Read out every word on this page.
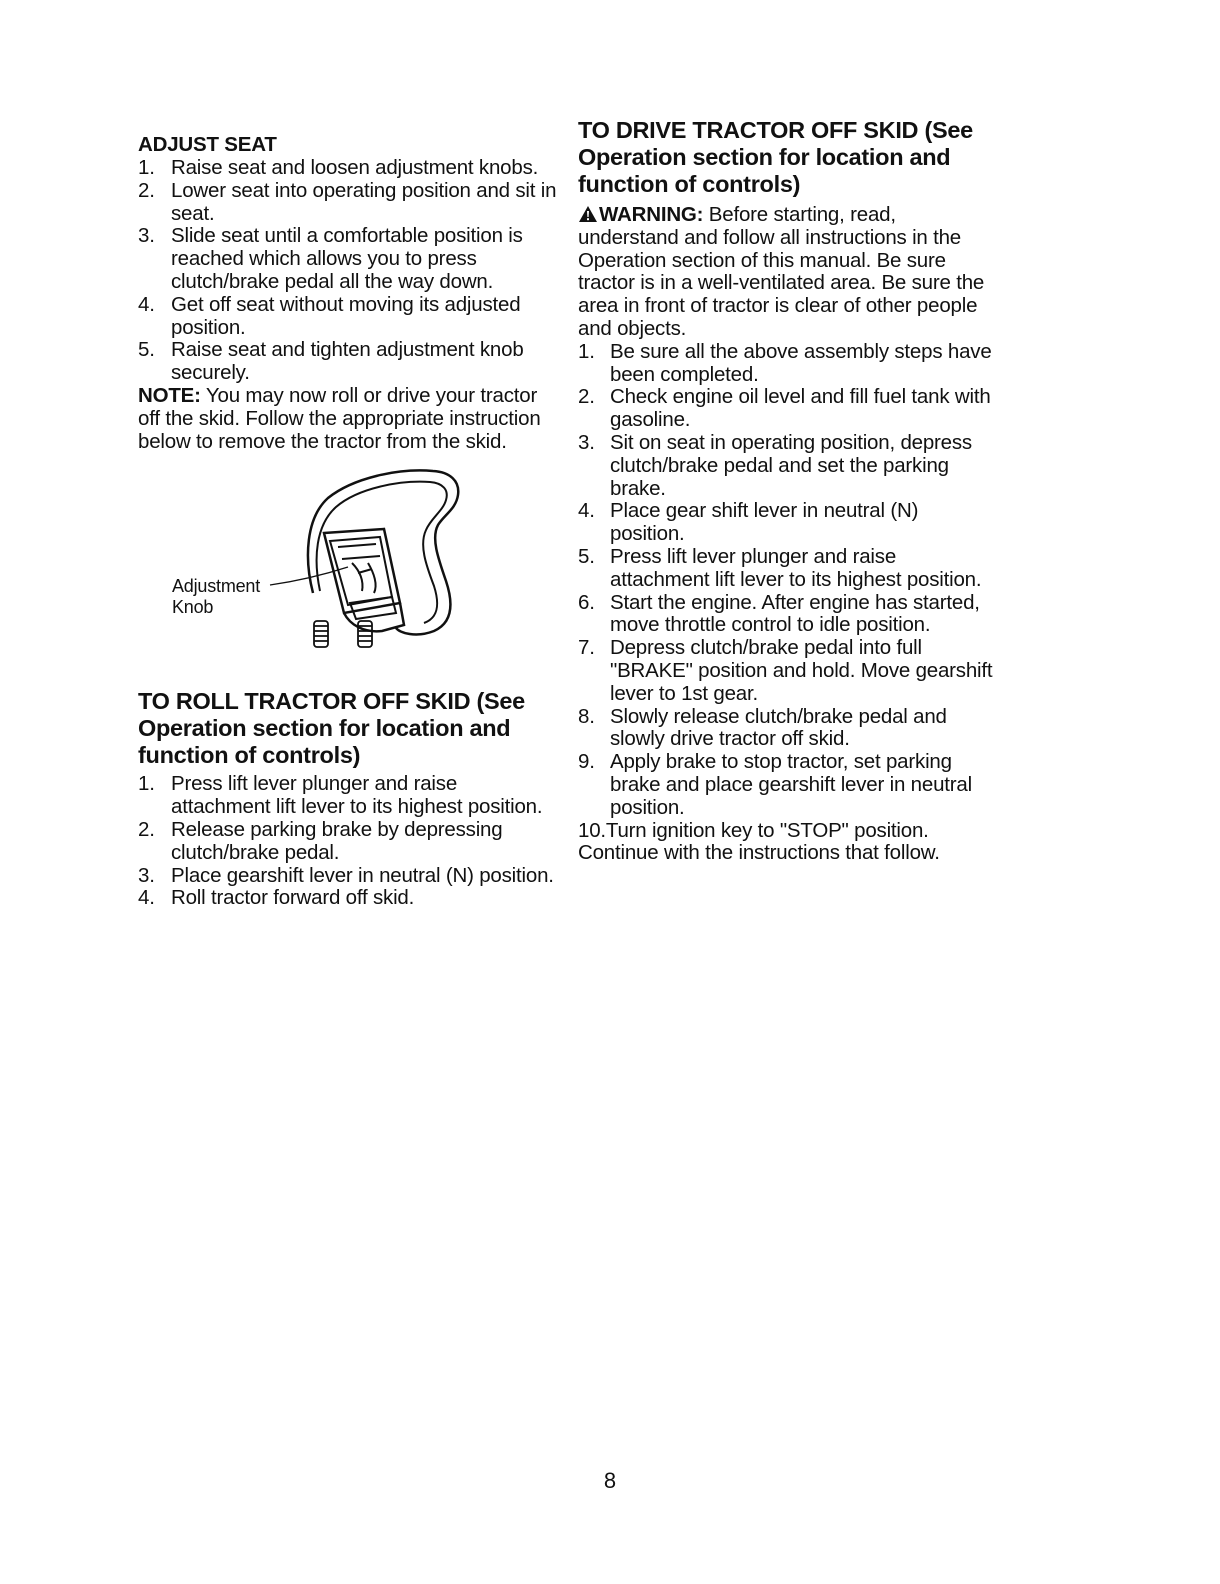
ADJUST SEAT
1. Raise seat and loosen adjustment knobs.
2. Lower seat into operating position and sit in seat.
3. Slide seat until a comfortable position is reached which allows you to press clutch/brake pedal all the way down.
4. Get off seat without moving its adjusted position.
5. Raise seat and tighten adjustment knob securely.

NOTE: You may now roll or drive your tractor off the skid. Follow the appropriate instruction below to remove the tractor from the skid.

Adjustment
Knob
TO ROLL TRACTOR OFF SKID (See Operation section for location and function of controls)
1. Press lift lever plunger and raise attachment lift lever to its highest position.
2. Release parking brake by depressing clutch/brake pedal.
3. Place gearshift lever in neutral (N) position.
4. Roll tractor forward off skid.
TO DRIVE TRACTOR OFF SKID (See Operation section for location and function of controls)

WARNING: Before starting, read, understand and follow all instructions in the Operation section of this manual. Be sure tractor is in a well-ventilated area. Be sure the area in front of tractor is clear of other people and objects.

1. Be sure all the above assembly steps have been completed.
2. Check engine oil level and fill fuel tank with gasoline.
3. Sit on seat in operating position, depress clutch/brake pedal and set the parking brake.
4. Place gear shift lever in neutral (N) position.
5. Press lift lever plunger and raise attachment lift lever to its highest position.
6. Start the engine. After engine has started, move throttle control to idle position.
7. Depress clutch/brake pedal into full "BRAKE" position and hold. Move gearshift lever to 1st gear.
8. Slowly release clutch/brake pedal and slowly drive tractor off skid.
9. Apply brake to stop tractor, set parking brake and place gearshift lever in neutral position.
10.Turn ignition key to "STOP" position.

Continue with the instructions that follow.

8
